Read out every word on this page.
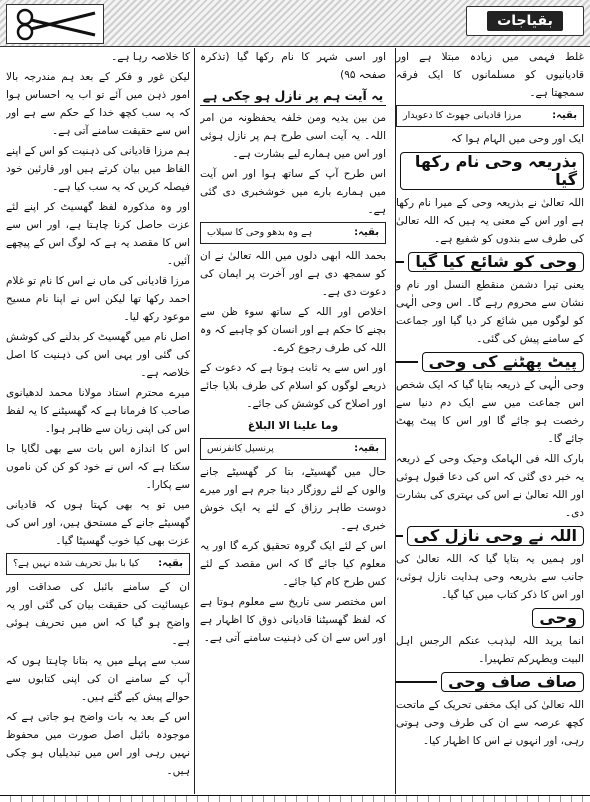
بقیاجات

غلط فہمی میں زیادہ مبتلا ہے اور قادیانیوں کو مسلمانوں کا ایک فرقہ سمجھتا ہے۔

بقیہ:
مرزا قادیانی جھوٹ کا دعویدار

ایک اور وحی میں الہام ہوا کہ

بذریعہ وحی نام رکھا گیا

اللہ تعالیٰ نے بذریعہ وحی کے میرا نام رکھا ہے اور اس کے معنی یہ ہیں کہ اللہ تعالیٰ کی طرف سے بندوں کو شفیع ہے۔

وحی کو شائع کیا گیا

یعنی تیرا دشمن منقطع النسل اور نام و نشان سے محروم رہے گا۔ اس وحی الٰہی کو لوگوں میں شائع کر دیا گیا اور جماعت کے سامنے پیش کی گئی۔

پیٹ پھٹنے کی وحی

وحی الٰہی کے ذریعہ بتایا گیا کہ ایک شخص اس جماعت میں سے ایک دم دنیا سے رخصت ہو جائے گا اور اس کا پیٹ پھٹ جائے گا۔

بارک اللہ فی الہامک وحیک وحی کے ذریعہ یہ خبر دی گئی کہ اس کی دعا قبول ہوئی اور اللہ تعالیٰ نے اس کی بہتری کی بشارت دی۔

اللہ نے وحی نازل کی

اور ہمیں یہ بتایا گیا کہ اللہ تعالیٰ کی جانب سے بذریعہ وحی ہدایت نازل ہوئی، اور اس کا ذکر کتاب میں کیا گیا۔

وحی

انما یرید اللہ لیذہب عنکم الرجس اہل البیت ویطہرکم تطہیرا۔

صاف صاف وحی

اللہ تعالیٰ کی ایک مخفی تحریک کے ماتحت کچھ عرصہ سے ان کی طرف وحی ہوتی رہی، اور انہوں نے اس کا اظہار کیا۔

اور اسی شہر کا نام رکھا گیا (تذکرہ صفحہ ۹۵)

یہ آیت ہم پر نازل ہو چکی ہے

من بین یدیہ ومن خلفہ یحفظونہ من امر اللہ۔ یہ آیت اسی طرح ہم پر نازل ہوئی اور اس میں ہمارے لیے بشارت ہے۔

اس طرح آپ کے ساتھ ہوا اور اس آیت میں ہمارے بارے میں خوشخبری دی گئی ہے۔

بقیہ:
ہے وہ بدھو وحی کا سیلاب

بحمد اللہ ابھی دلوں میں اللہ تعالیٰ نے ان کو سمجھ دی ہے اور آخرت پر ایمان کی دعوت دی ہے۔

اخلاص اور اللہ کے ساتھ سوء ظن سے بچنے کا حکم ہے اور انسان کو چاہیے کہ وہ اللہ کی طرف رجوع کرے۔

اور اس سے یہ ثابت ہوتا ہے کہ دعوت کے ذریعے لوگوں کو اسلام کی طرف بلایا جائے اور اصلاح کی کوشش کی جائے۔

وما علینا الا البلاغ
بقیہ:
پرنسپل کانفرنس

حال میں گھسیٹے، بتا کر گھسیٹے جانے والوں کے لئے روزگار دینا جرم ہے اور میرے دوست طاہر رزاق کے لئے یہ ایک خوش خبری ہے۔

اس کے لئے ایک گروہ تحقیق کرے گا اور یہ معلوم کیا جائے گا کہ اس مقصد کے لئے کس طرح کام کیا جائے۔

اس مختصر سی تاریخ سے معلوم ہوتا ہے کہ لفظ گھسیٹنا قادیانی ذوق کا اظہار ہے اور اس سے ان کی ذہنیت سامنے آتی ہے۔

کا خلاصہ رہا ہے۔

لیکن غور و فکر کے بعد ہم مندرجہ بالا امور ذہن میں آئے تو اب یہ احساس ہوا کہ یہ سب کچھ خدا کے حکم سے ہے اور اس سے حقیقت سامنے آتی ہے۔

ہم مرزا قادیانی کی ذہنیت کو اس کے اپنے الفاظ میں بیان کرتے ہیں اور قارئین خود فیصلہ کریں کہ یہ سب کیا ہے۔

اور وہ مذکورہ لفظ گھسیٹ کر اپنے لئے عزت حاصل کرنا چاہتا ہے، اور اس سے اس کا مقصد یہ ہے کہ لوگ اس کے پیچھے آئیں۔

مرزا قادیانی کی ماں نے اس کا نام تو غلام احمد رکھا تھا لیکن اس نے اپنا نام مسیح موعود رکھ لیا۔

اصل نام میں گھسیٹ کر بدلنے کی کوشش کی گئی اور یہی اس کی ذہنیت کا اصل خلاصہ ہے۔

میرے محترم استاد مولانا محمد لدھیانوی صاحب کا فرمانا ہے کہ گھسیٹنے کا یہ لفظ اس کی اپنی زبان سے ظاہر ہوا۔

اس کا اندازہ اس بات سے بھی لگایا جا سکتا ہے کہ اس نے خود کو کن کن ناموں سے پکارا۔

میں تو یہ بھی کہتا ہوں کہ قادیانی گھسیٹے جانے کے مستحق ہیں، اور اس کی عزت بھی کیا خوب گھسیٹا گیا۔

بقیہ:
کیا با بیل تحریف شدہ نہیں ہے؟

ان کے سامنے بائبل کی صداقت اور عیسائیت کی حقیقت بیان کی گئی اور یہ واضح ہو گیا کہ اس میں تحریف ہوئی ہے۔

سب سے پہلے میں یہ بتانا چاہتا ہوں کہ آپ کے سامنے ان کی اپنی کتابوں سے حوالے پیش کیے گئے ہیں۔

اس کے بعد یہ بات واضح ہو جاتی ہے کہ موجودہ بائبل اصل صورت میں محفوظ نہیں رہی اور اس میں تبدیلیاں ہو چکی ہیں۔
